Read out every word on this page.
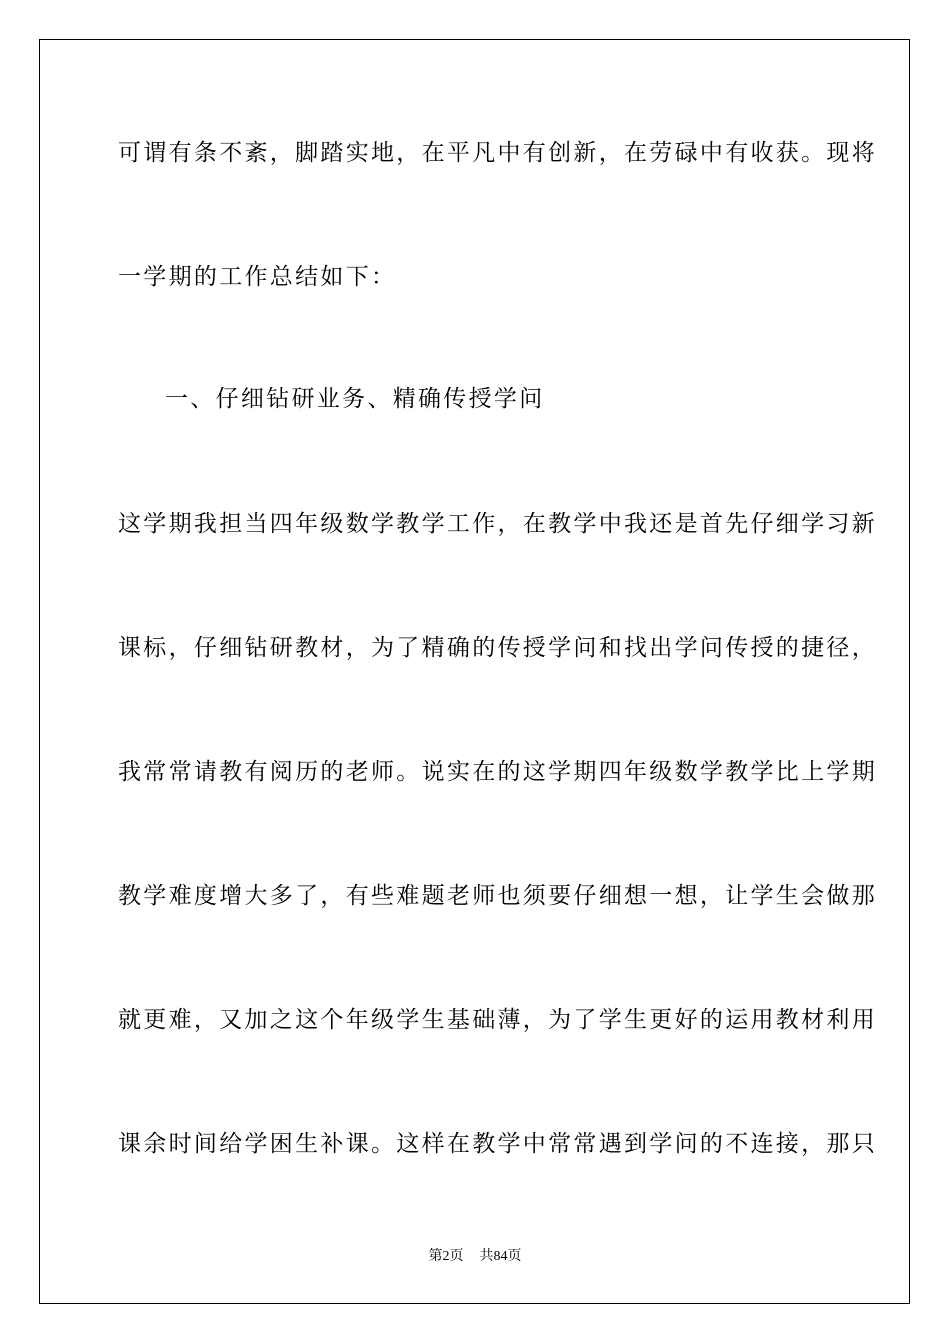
可谓有条不紊，脚踏实地，在平凡中有创新，在劳碌中有收获。现将
一学期的工作总结如下：
一、仔细钻研业务、精确传授学问
这学期我担当四年级数学教学工作，在教学中我还是首先仔细学习新
课标，仔细钻研教材，为了精确的传授学问和找出学问传授的捷径，
我常常请教有阅历的老师。说实在的这学期四年级数学教学比上学期
教学难度增大多了，有些难题老师也须要仔细想一想，让学生会做那
就更难，又加之这个年级学生基础薄，为了学生更好的运用教材利用
课余时间给学困生补课。这样在教学中常常遇到学问的不连接，那只
第2页 共84页
